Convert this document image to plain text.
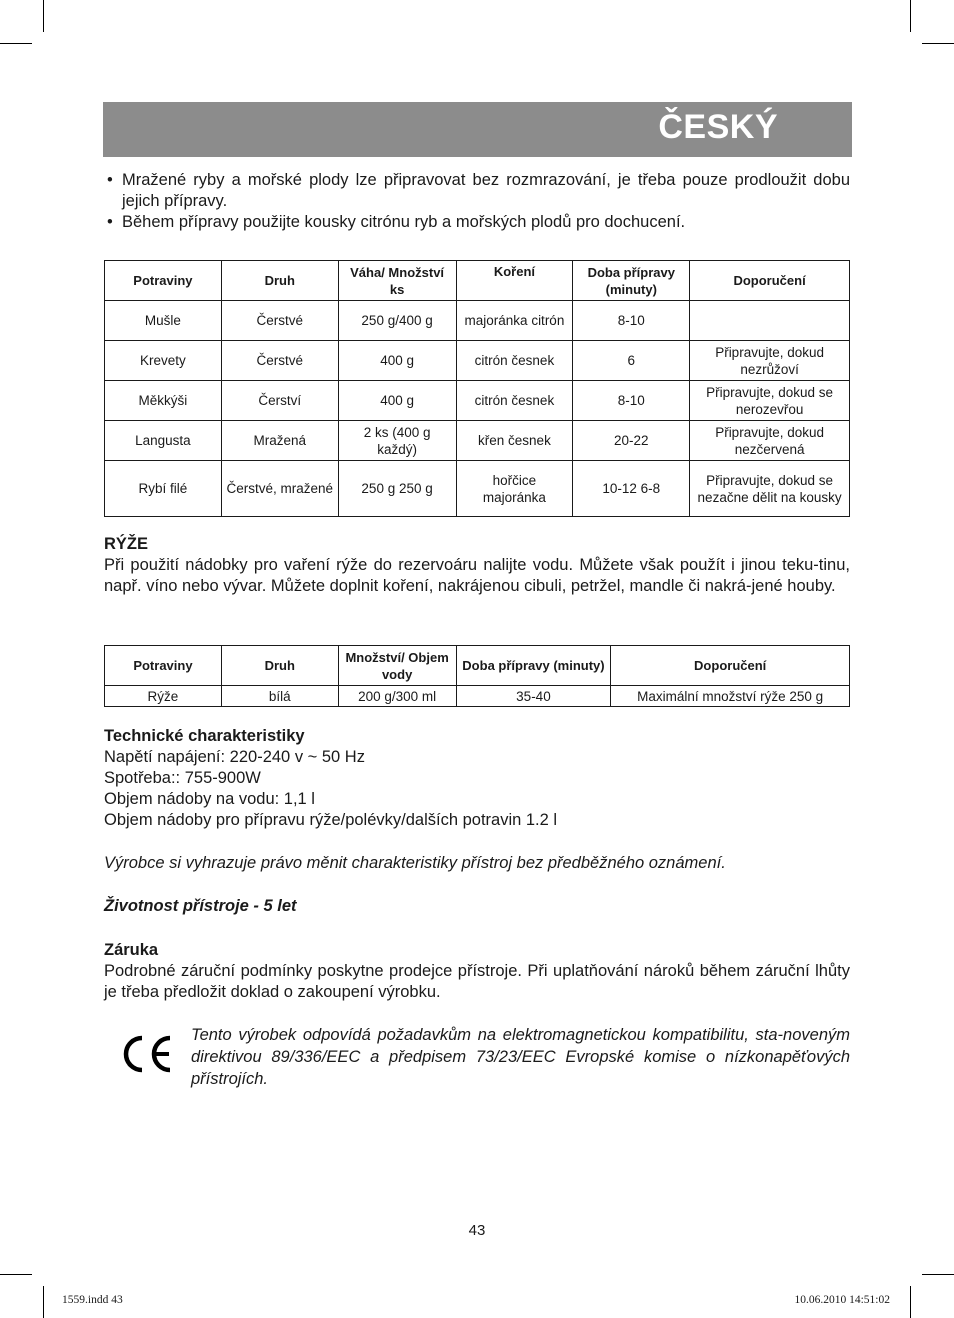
ČESKÝ
• Mražené ryby a mořské plody lze připravovat bez rozmrazování, je třeba pouze prodloužit dobu jejich přípravy.
• Během přípravy použijte kousky citrónu ryb a mořských plodů pro dochucení.
Potraviny	Druh	Váha/ Množství ks	Koření	Doba přípravy (minuty)	Doporučení
Mušle	Čerstvé	250 g/400 g	majoránka citrón	8-10	
Krevety	Čerstvé	400 g	citrón česnek	6	Připravujte, dokud nezrůžoví
Měkkýši	Čerství	400 g	citrón česnek	8-10	Připravujte, dokud se nerozevřou
Langusta	Mražená	2 ks (400 g každý)	křen česnek	20-22	Připravujte, dokud nezčervená
Rybí filé	Čerstvé, mražené	250 g 250 g	hořčice majoránka	10-12 6-8	Připravujte, dokud se nezačne dělit na kousky
RÝŽE
Při použití nádobky pro vaření rýže do rezervoáru nalijte vodu. Můžete však použít i jinou teku-tinu, např. víno nebo vývar. Můžete doplnit koření, nakrájenou cibuli, petržel, mandle či nakrá-jené houby.
Potraviny	Druh	Množství/ Objem vody	Doba přípravy (minuty)	Doporučení
Rýže	bílá	200 g/300 ml	35-40	Maximální množství rýže 250 g
Technické charakteristiky
Napětí napájení: 220-240 v ~ 50 Hz
Spotřeba:: 755-900W
Objem nádoby na vodu: 1,1 l
Objem nádoby pro přípravu rýže/polévky/dalších potravin 1.2 l
Výrobce si vyhrazuje právo měnit charakteristiky přístroj bez předběžného oznámení.
Životnost přístroje - 5 let
Záruka
Podrobné záruční podmínky poskytne prodejce přístroje. Při uplatňování nároků během záruční lhůty je třeba předložit doklad o zakoupení výrobku.
Tento výrobek odpovídá požadavkům na elektromagnetickou kompatibilitu, sta-noveným direktivou 89/336/EEC a předpisem 73/23/EEC Evropské komise o nízkonapěťových přístrojích.
43
1559.indd 43	10.06.2010 14:51:02
